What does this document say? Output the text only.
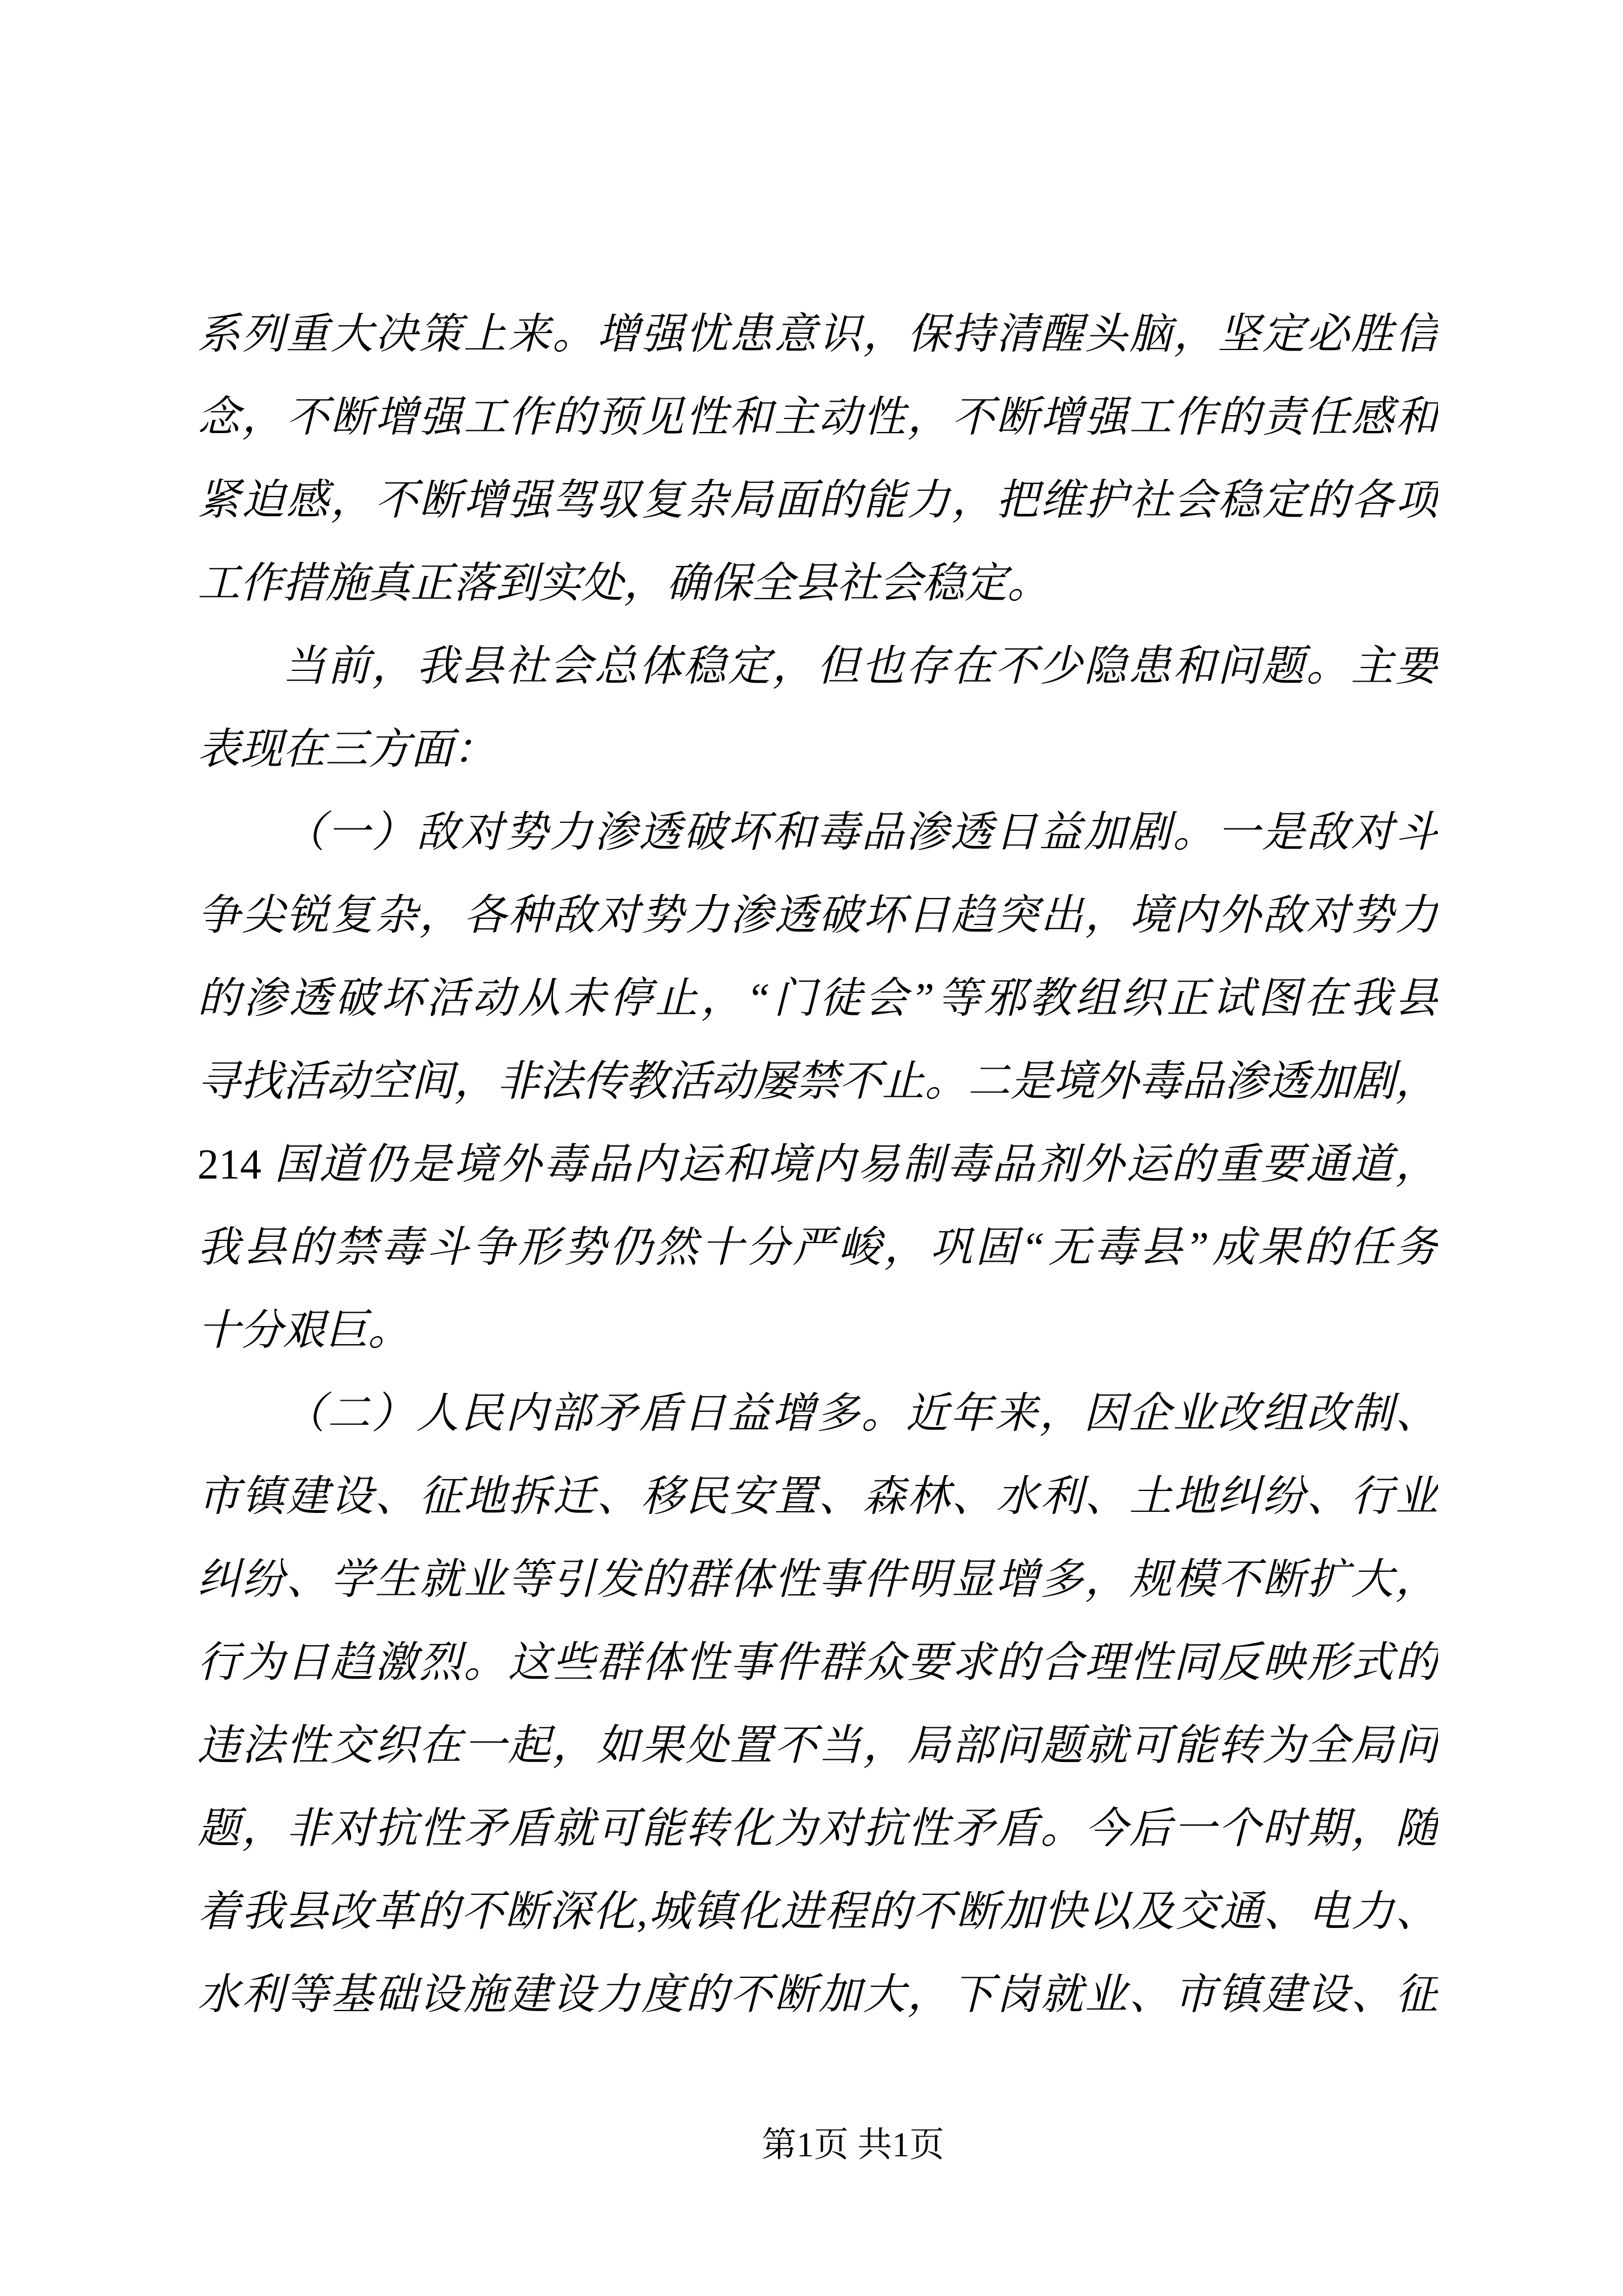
系列重大决策上来。增强忧患意识，保持清醒头脑，坚定必胜信
念，不断增强工作的预见性和主动性，不断增强工作的责任感和
紧迫感，不断增强驾驭复杂局面的能力，把维护社会稳定的各项
工作措施真正落到实处，确保全县社会稳定。
当前，我县社会总体稳定，但也存在不少隐患和问题。主要
表现在三方面：
（一）敌对势力渗透破坏和毒品渗透日益加剧。一是敌对斗
争尖锐复杂，各种敌对势力渗透破坏日趋突出，境内外敌对势力
的渗透破坏活动从未停止，“门徒会”等邪教组织正试图在我县
寻找活动空间，非法传教活动屡禁不止。二是境外毒品渗透加剧，
214 国道仍是境外毒品内运和境内易制毒品剂外运的重要通道，
我县的禁毒斗争形势仍然十分严峻，巩固“无毒县”成果的任务
十分艰巨。
（二）人民内部矛盾日益增多。近年来，因企业改组改制、
市镇建设、征地拆迁、移民安置、森林、水利、土地纠纷、行业
纠纷、学生就业等引发的群体性事件明显增多，规模不断扩大，
行为日趋激烈。这些群体性事件群众要求的合理性同反映形式的
违法性交织在一起，如果处置不当，局部问题就可能转为全局问
题，非对抗性矛盾就可能转化为对抗性矛盾。今后一个时期，随
着我县改革的不断深化,城镇化进程的不断加快以及交通、电力、
水利等基础设施建设力度的不断加大，下岗就业、市镇建设、征
第1页 共1页
